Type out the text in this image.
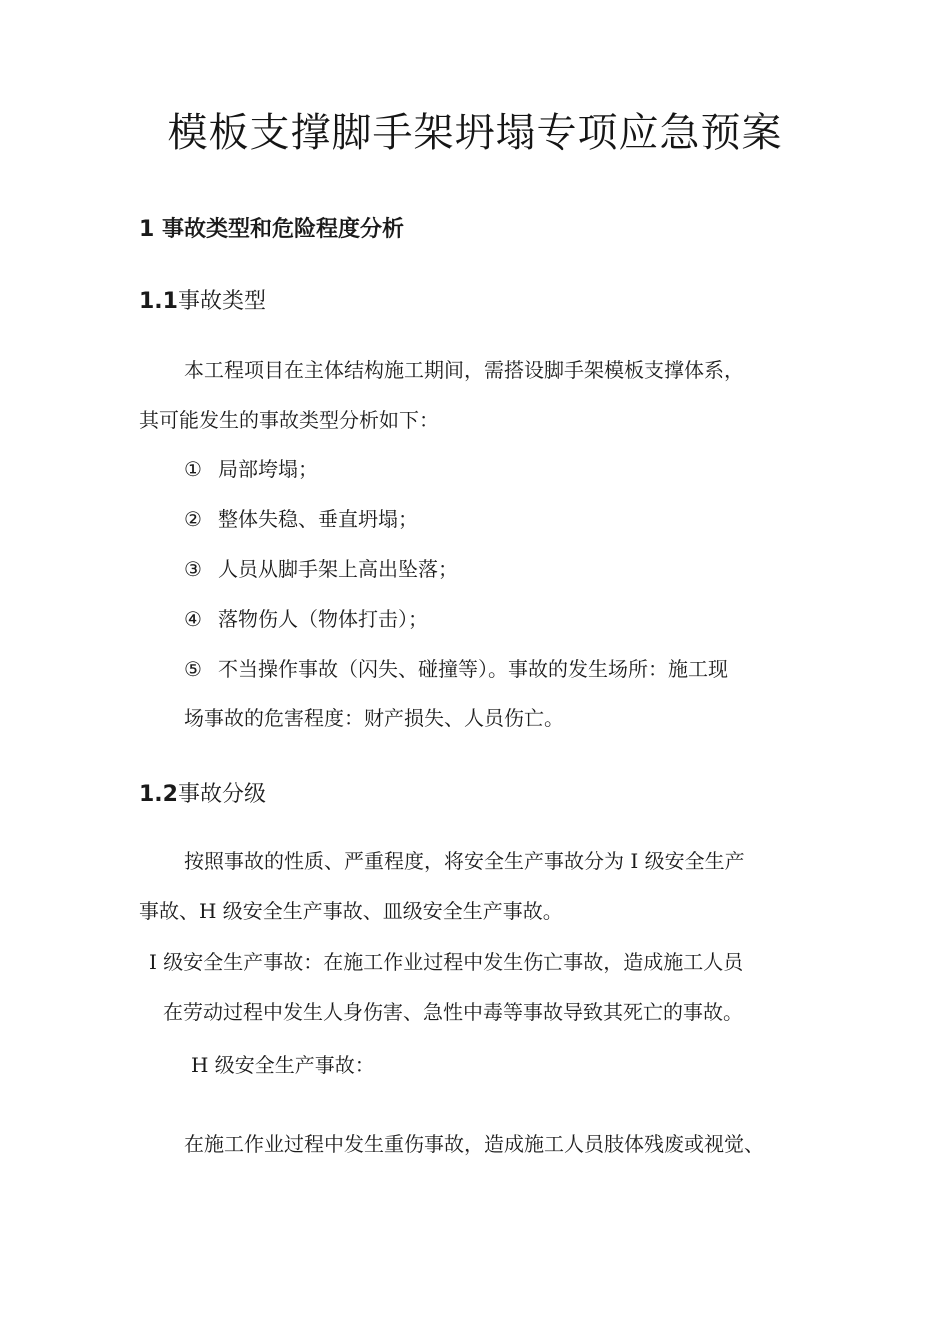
模板支撑脚手架坍塌专项应急预案
1 事故类型和危险程度分析
1.1事故类型
本工程项目在主体结构施工期间，需搭设脚手架模板支撑体系，
其可能发生的事故类型分析如下：
① 局部垮塌；
② 整体失稳、垂直坍塌；
③ 人员从脚手架上高出坠落；
④ 落物伤人（物体打击）；
⑤ 不当操作事故（闪失、碰撞等）。事故的发生场所：施工现
场事故的危害程度：财产损失、人员伤亡。
1.2事故分级
按照事故的性质、严重程度，将安全生产事故分为 I 级安全生产
事故、H 级安全生产事故、皿级安全生产事故。
I 级安全生产事故：在施工作业过程中发生伤亡事故，造成施工人员
在劳动过程中发生人身伤害、急性中毒等事故导致其死亡的事故。
H 级安全生产事故：
在施工作业过程中发生重伤事故，造成施工人员肢体残废或视觉、
